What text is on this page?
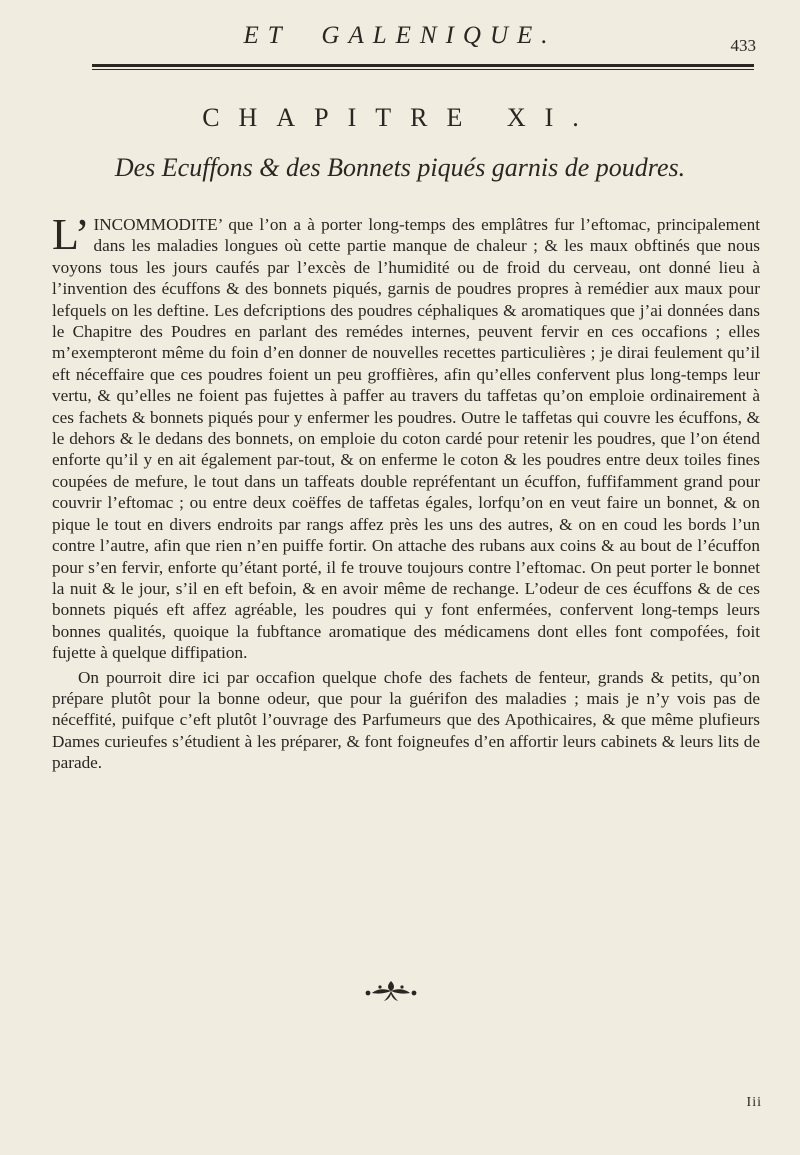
ET GALENIQUE.	433
CHAPITRE XI.
Des Ecuffons & des Bonnets piqués garnis de poudres.

L’INCOMMODITE’ que l’on a à porter long-temps des emplâtres fur l’eftomac, principalement dans les maladies longues où cette partie manque de chaleur ; & les maux obftinés que nous voyons tous les jours caufés par l’excès de l’humidité ou de froid du cerveau, ont donné lieu à l’invention des écuffons & des bonnets piqués, garnis de poudres propres à remédier aux maux pour lefquels on les deftine. Les defcriptions des poudres céphaliques & aromatiques que j’ai données dans le Chapitre des Poudres en parlant des remédes internes, peuvent fervir en ces occafions ; elles m’exempteront même du foin d’en donner de nouvelles recettes particulières ; je dirai feulement qu’il eft néceffaire que ces poudres foient un peu groffières, afin qu’elles confervent plus long-temps leur vertu, & qu’elles ne foient pas fujettes à paffer au travers du taffetas qu’on emploie ordinairement à ces fachets & bonnets piqués pour y enfermer les poudres. Outre le taffetas qui couvre les écuffons, & le dehors & le dedans des bonnets, on emploie du coton cardé pour retenir les poudres, que l’on étend enforte qu’il y en ait également par-tout, & on enferme le coton & les poudres entre deux toiles fines coupées de mefure, le tout dans un taffeats double repréfentant un écuffon, fuffifamment grand pour couvrir l’eftomac ; ou entre deux coëffes de taffetas égales, lorfqu’on en veut faire un bonnet, & on pique le tout en divers endroits par rangs affez près les uns des autres, & on en coud les bords l’un contre l’autre, afin que rien n’en puiffe fortir. On attache des rubans aux coins & au bout de l’écuffon pour s’en fervir, enforte qu’étant porté, il fe trouve toujours contre l’eftomac. On peut porter le bonnet la nuit & le jour, s’il en eft befoin, & en avoir même de rechange. L’odeur de ces écuffons & de ces bonnets piqués eft affez agréable, les poudres qui y font enfermées, confervent long-temps leurs bonnes qualités, quoique la fubftance aromatique des médicamens dont elles font compofées, foit fujette à quelque diffipation.

On pourroit dire ici par occafion quelque chofe des fachets de fenteur, grands & petits, qu’on prépare plutôt pour la bonne odeur, que pour la guérifon des maladies ; mais je n’y vois pas de néceffité, puifque c’eft plutôt l’ouvrage des Parfumeurs que des Apothicaires, & que même plufieurs Dames curieufes s’étudient à les préparer, & font foigneufes d’en affortir leurs cabinets & leurs lits de parade.

Iii
